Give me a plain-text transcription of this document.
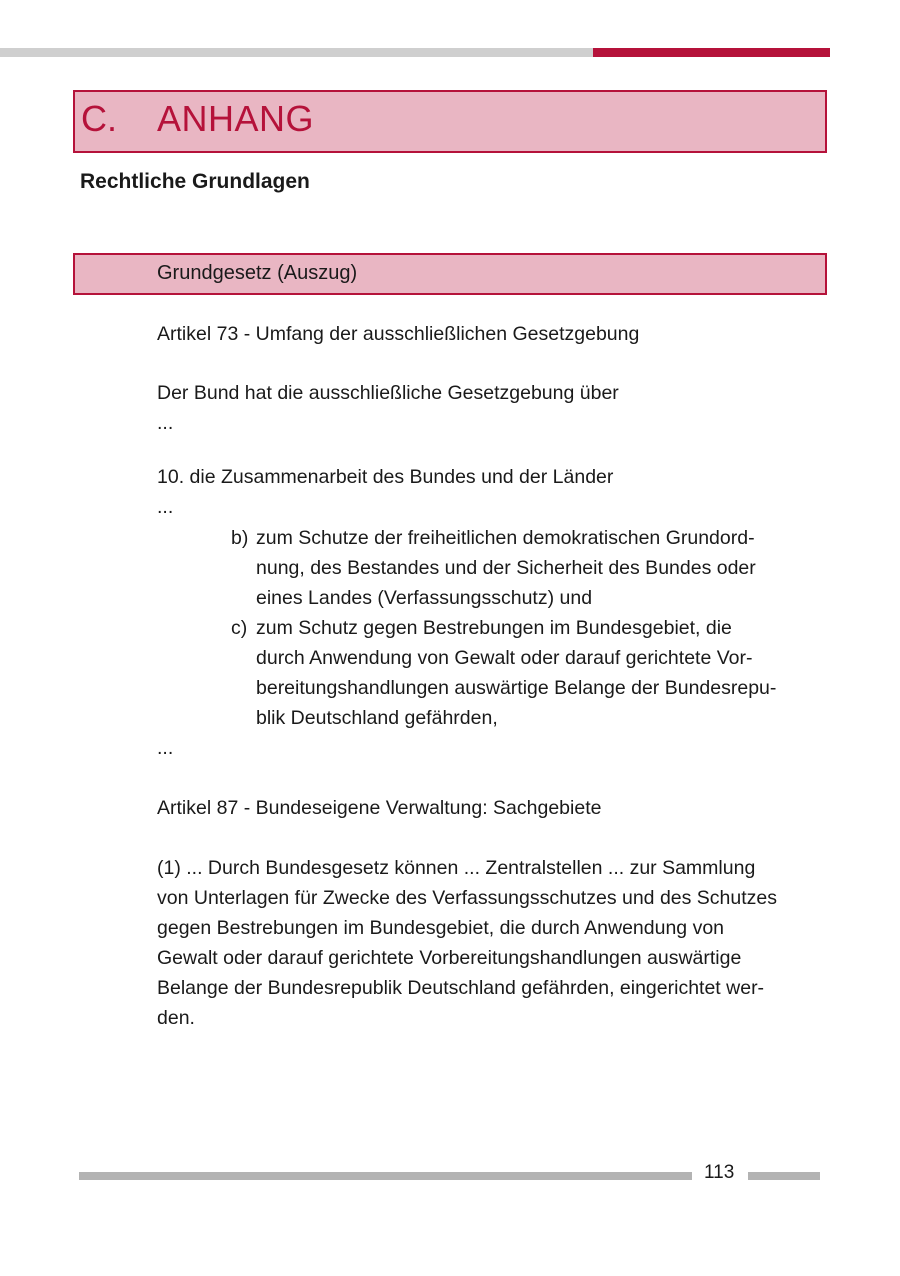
C. ANHANG
Rechtliche Grundlagen
Grundgesetz (Auszug)
Artikel 73 - Umfang der ausschließlichen Gesetzgebung
Der Bund hat die ausschließliche Gesetzgebung über
...
10. die Zusammenarbeit des Bundes und der Länder
...
b) zum Schutze der freiheitlichen demokratischen Grundord-
nung, des Bestandes und der Sicherheit des Bundes oder
eines Landes (Verfassungsschutz) und
c) zum Schutz gegen Bestrebungen im Bundesgebiet, die
durch Anwendung von Gewalt oder darauf gerichtete Vor-
bereitungshandlungen auswärtige Belange der Bundesrepu-
blik Deutschland gefährden,
...
Artikel 87 - Bundeseigene Verwaltung: Sachgebiete
(1) ... Durch Bundesgesetz können ... Zentralstellen ... zur Sammlung
von Unterlagen für Zwecke des Verfassungsschutzes und des Schutzes
gegen Bestrebungen im Bundesgebiet, die durch Anwendung von
Gewalt oder darauf gerichtete Vorbereitungshandlungen auswärtige
Belange der Bundesrepublik Deutschland gefährden, eingerichtet wer-
den.
113
